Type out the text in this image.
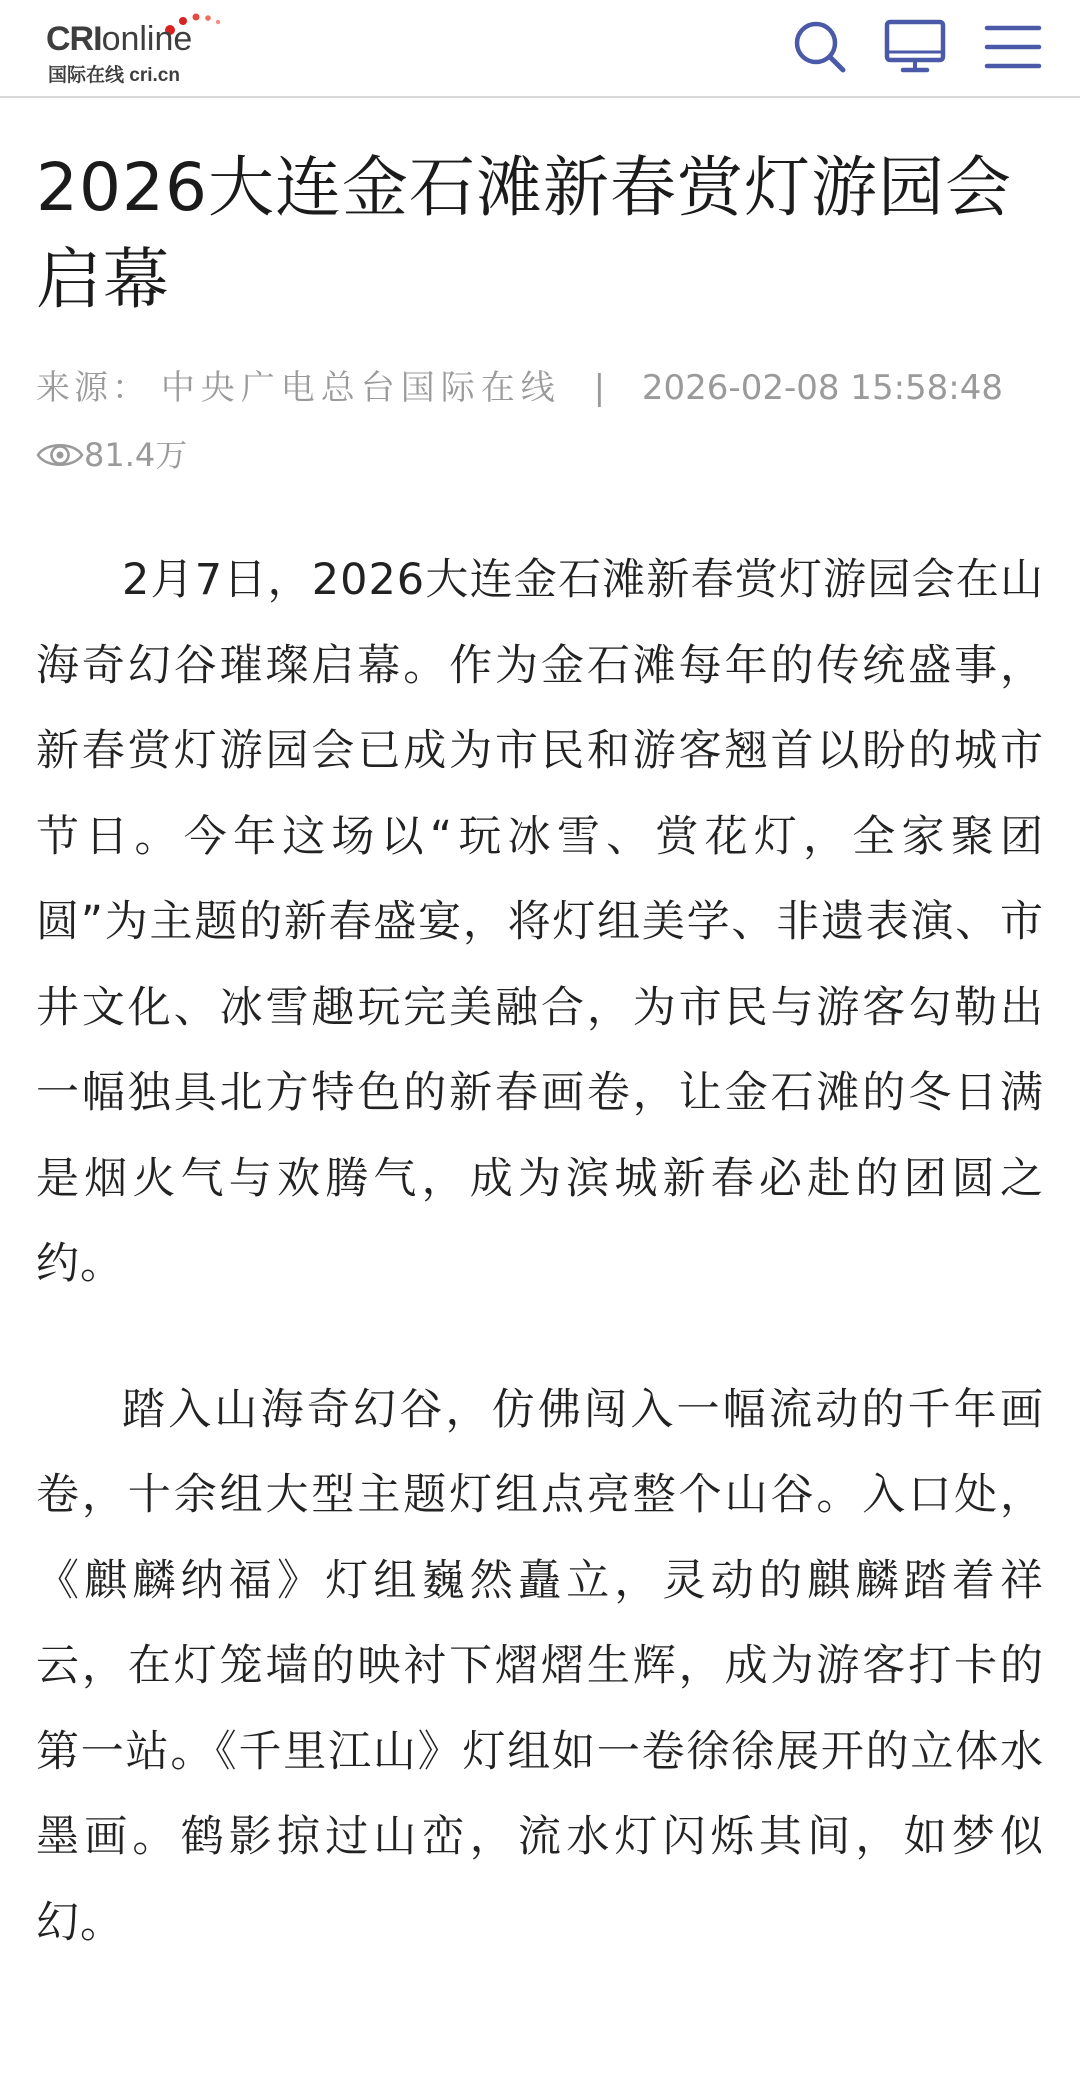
CRIonline
国际在线 cri.cn
2026大连金石滩新春赏灯游园会启幕
来源： 中央广电总台国际在线 | 2026-02-08 15:58:48
81.4万

2月7日，2026大连金石滩新春赏灯游园会在山海奇幻谷璀璨启幕。作为金石滩每年的传统盛事，新春赏灯游园会已成为市民和游客翘首以盼的城市节日。今年这场以“玩冰雪、赏花灯，全家聚团圆”为主题的新春盛宴，将灯组美学、非遗表演、市井文化、冰雪趣玩完美融合，为市民与游客勾勒出一幅独具北方特色的新春画卷，让金石滩的冬日满是烟火气与欢腾气，成为滨城新春必赴的团圆之约。

踏入山海奇幻谷，仿佛闯入一幅流动的千年画卷，十余组大型主题灯组点亮整个山谷。入口处，《麒麟纳福》灯组巍然矗立，灵动的麒麟踏着祥云，在灯笼墙的映衬下熠熠生辉，成为游客打卡的第一站。《千里江山》灯组如一卷徐徐展开的立体水墨画。鹤影掠过山峦，流水灯闪烁其间，如梦似幻。
